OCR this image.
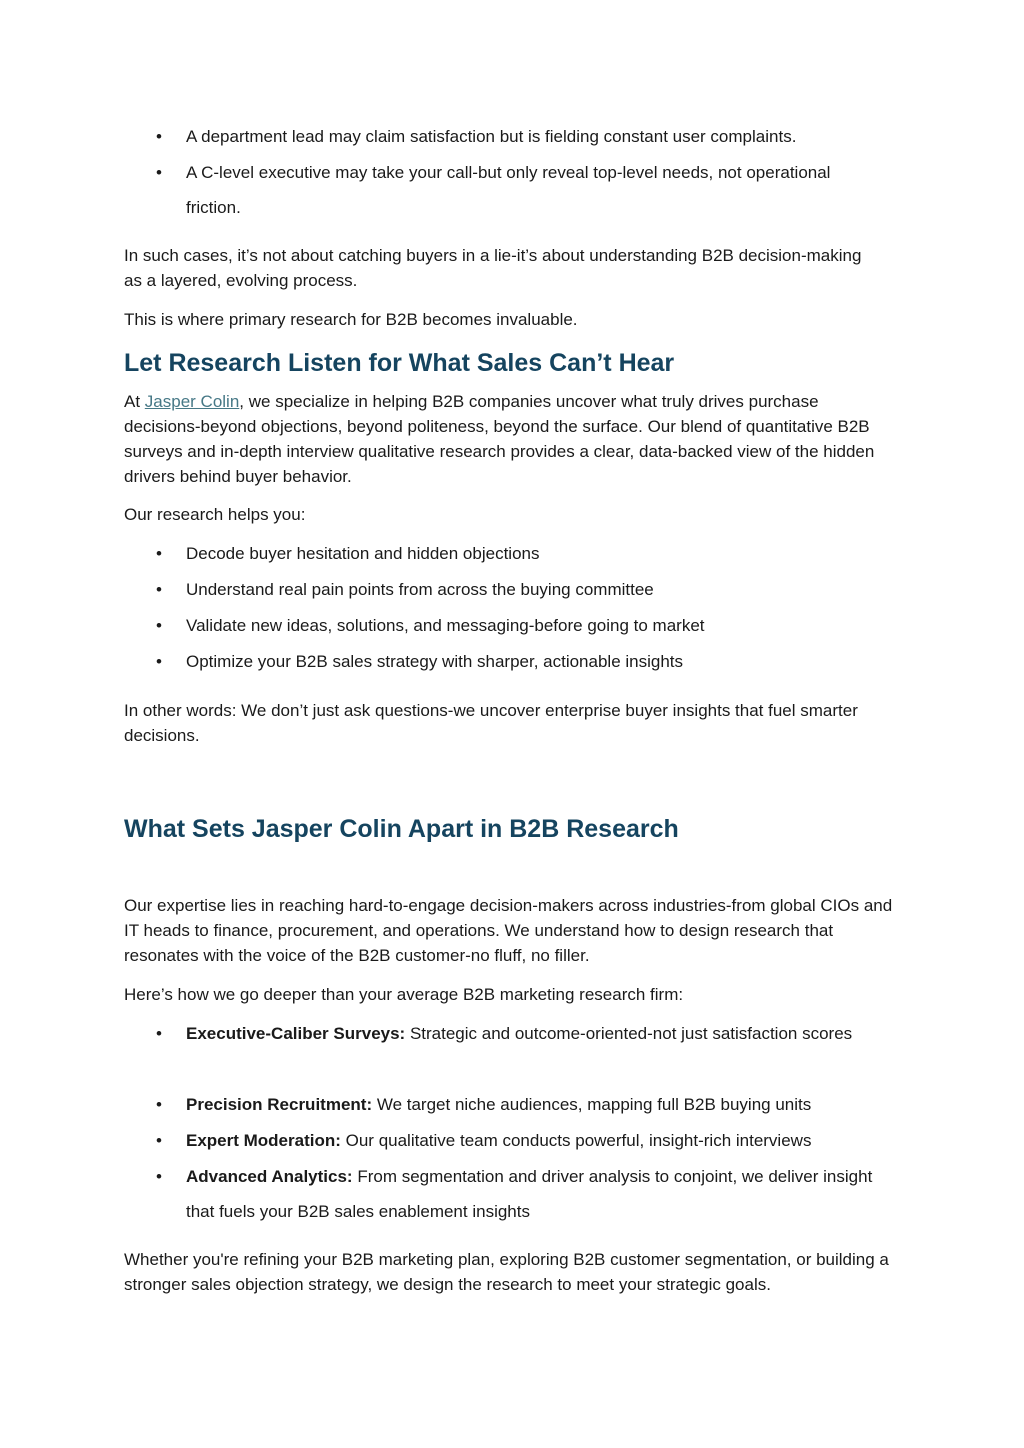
• A department lead may claim satisfaction but is fielding constant user complaints.
• A C-level executive may take your call-but only reveal top-level needs, not operational friction.

In such cases, it’s not about catching buyers in a lie-it’s about understanding B2B decision-making as a layered, evolving process.

This is where primary research for B2B becomes invaluable.

Let Research Listen for What Sales Can’t Hear

At Jasper Colin, we specialize in helping B2B companies uncover what truly drives purchase decisions-beyond objections, beyond politeness, beyond the surface. Our blend of quantitative B2B surveys and in-depth interview qualitative research provides a clear, data-backed view of the hidden drivers behind buyer behavior.

Our research helps you:

• Decode buyer hesitation and hidden objections
• Understand real pain points from across the buying committee
• Validate new ideas, solutions, and messaging-before going to market
• Optimize your B2B sales strategy with sharper, actionable insights

In other words: We don’t just ask questions-we uncover enterprise buyer insights that fuel smarter decisions.

What Sets Jasper Colin Apart in B2B Research

Our expertise lies in reaching hard-to-engage decision-makers across industries-from global CIOs and IT heads to finance, procurement, and operations. We understand how to design research that resonates with the voice of the B2B customer-no fluff, no filler.

Here’s how we go deeper than your average B2B marketing research firm:

• Executive-Caliber Surveys: Strategic and outcome-oriented-not just satisfaction scores
• Precision Recruitment: We target niche audiences, mapping full B2B buying units
• Expert Moderation: Our qualitative team conducts powerful, insight-rich interviews
• Advanced Analytics: From segmentation and driver analysis to conjoint, we deliver insight that fuels your B2B sales enablement insights

Whether you're refining your B2B marketing plan, exploring B2B customer segmentation, or building a stronger sales objection strategy, we design the research to meet your strategic goals.
